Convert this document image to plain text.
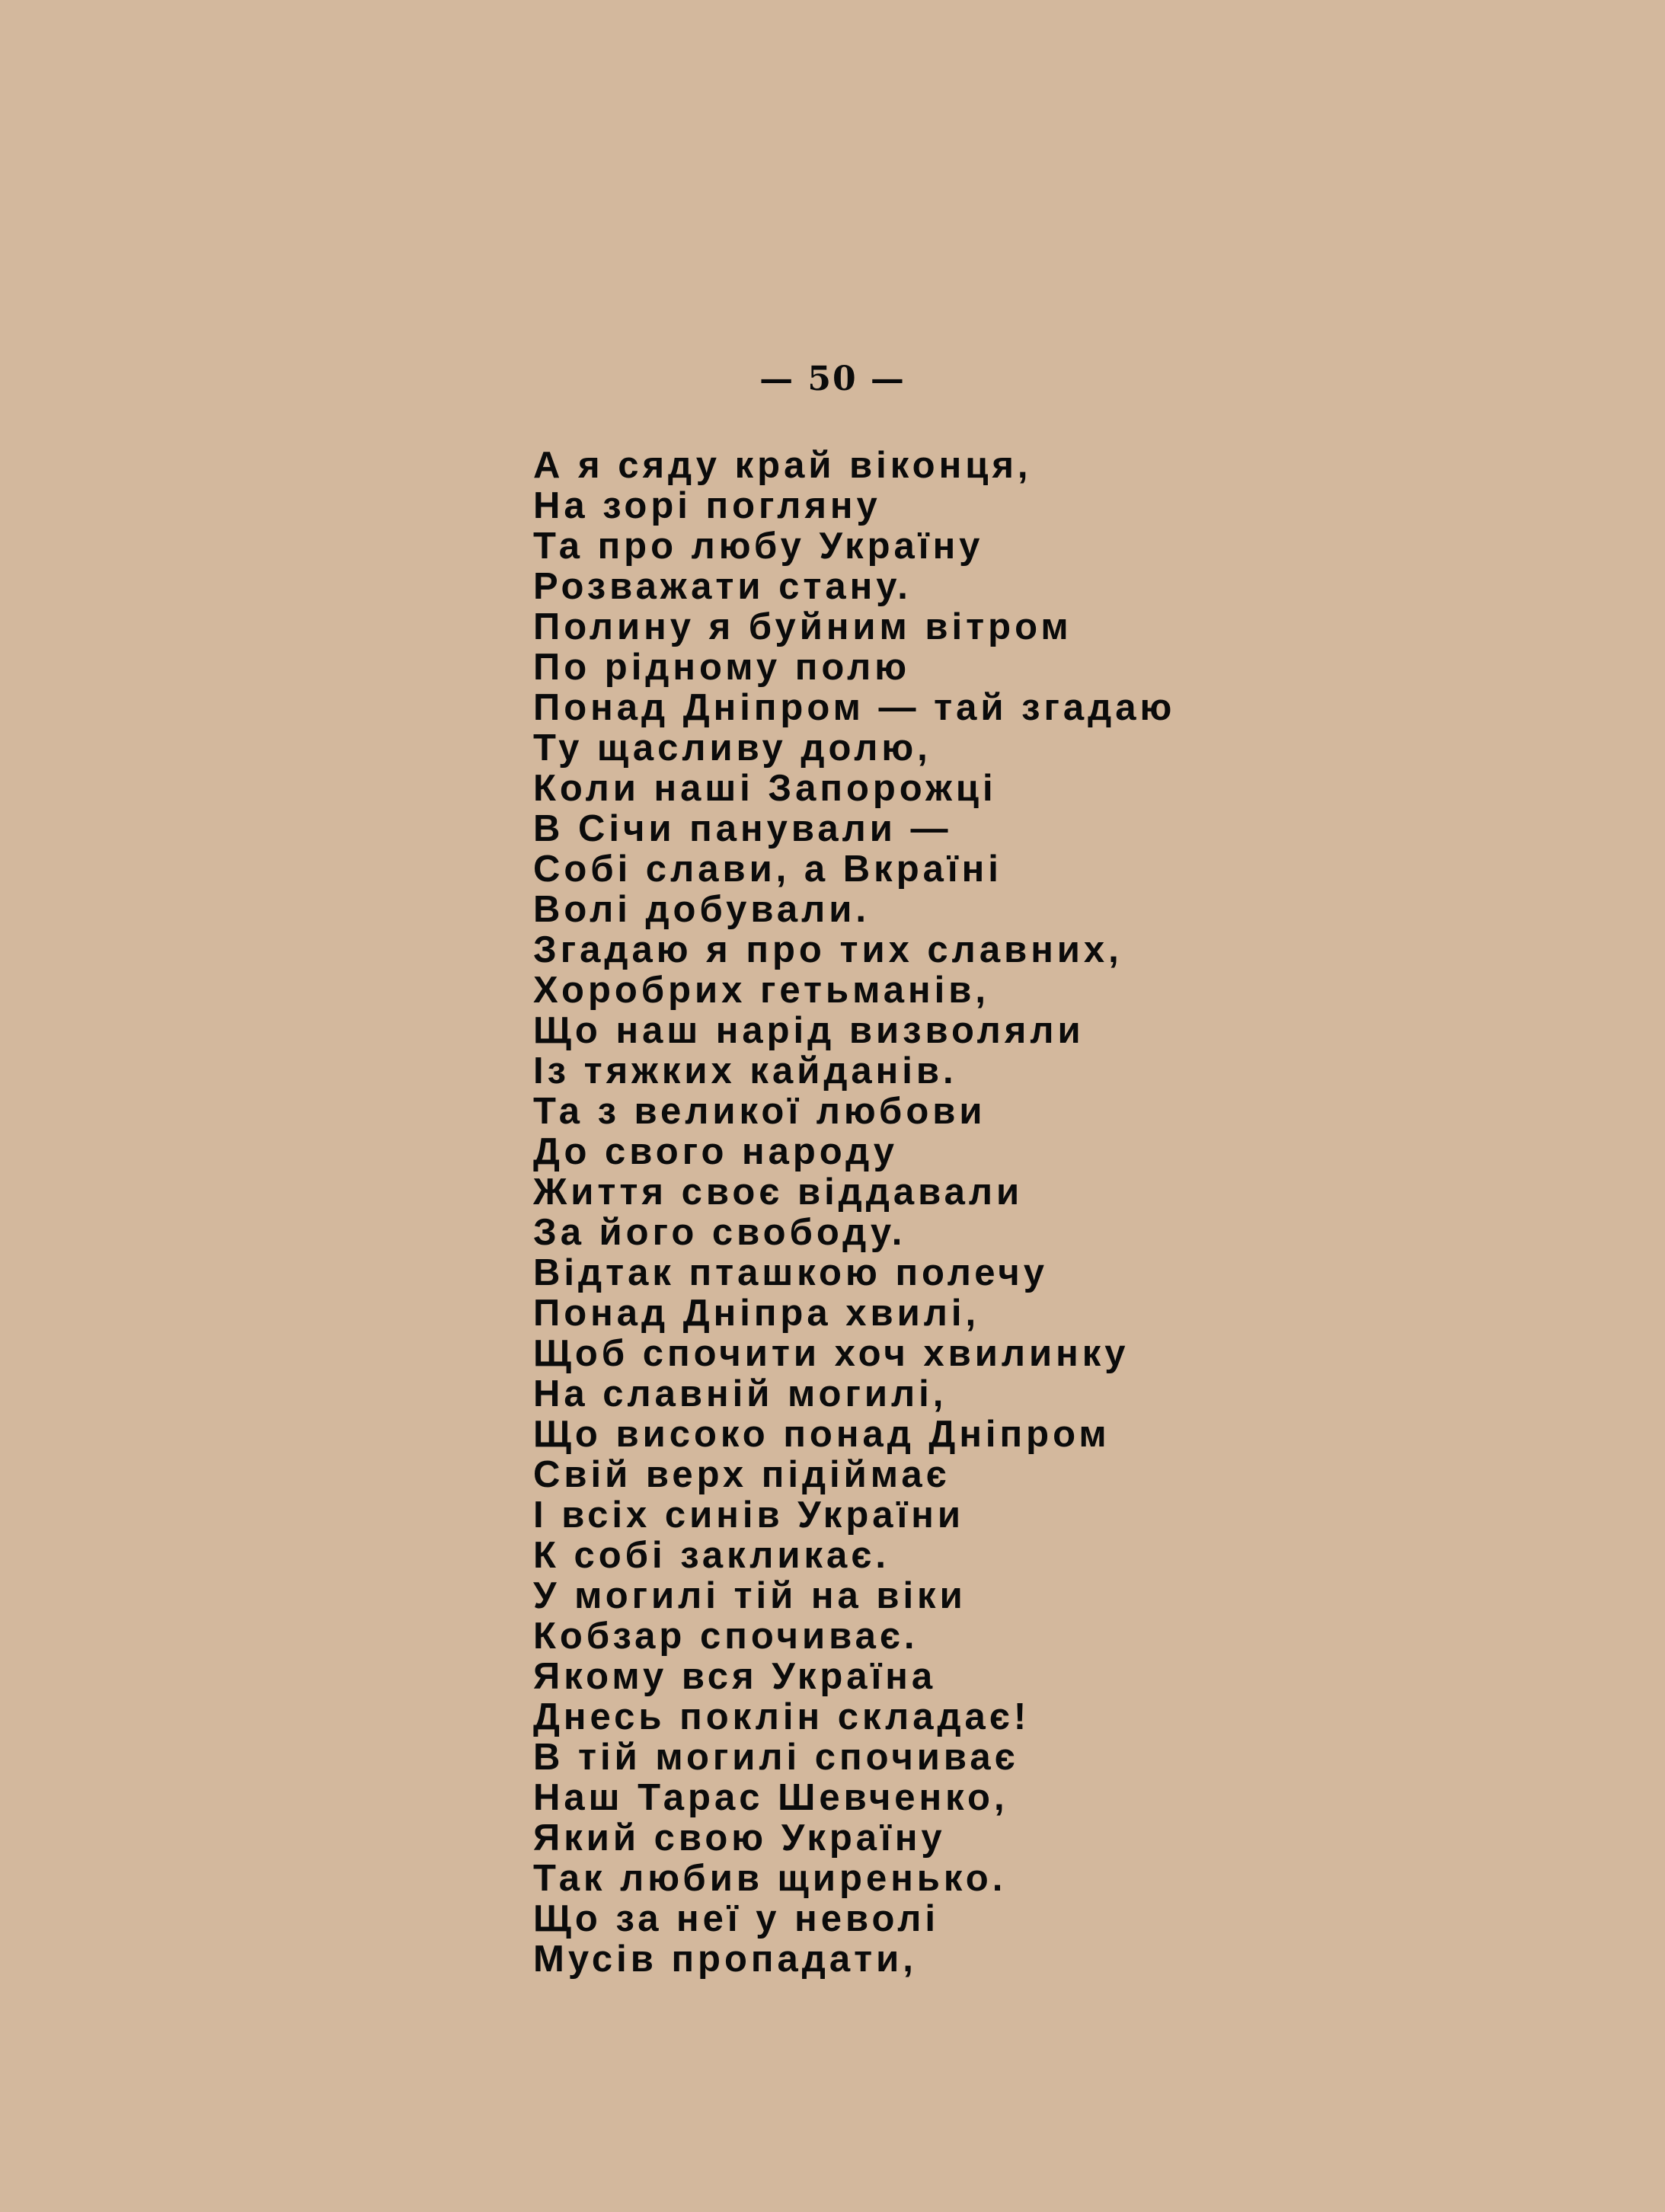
— 50 —
А я сяду край віконця,
На зорі погляну
Та про любу Україну
Розважати стану.
Полину я буйним вітром
По рідному полю
Понад Дніпром — тай згадаю
Ту щасливу долю,
Коли наші Запорожці
В Січи панували —
Собі слави, а Вкраїні
Волі добували.
Згадаю я про тих славних,
Хоробрих гетьманів,
Що наш нарід визволяли
Із тяжких кайданів.
Та з великої любови
До свого народу
Життя своє віддавали
За його свободу.
Відтак пташкою полечу
Понад Дніпра хвилі,
Щоб спочити хоч хвилинку
На славній могилі,
Що високо понад Дніпром
Свій верх підіймає
І всіх синів України
К собі закликає.
У могилі тій на віки
Кобзар спочиває.
Якому вся Україна
Днесь поклін складає!
В тій могилі спочиває
Наш Тарас Шевченко,
Який свою Україну
Так любив щиренько.
Що за неї у неволі
Мусів пропадати,
